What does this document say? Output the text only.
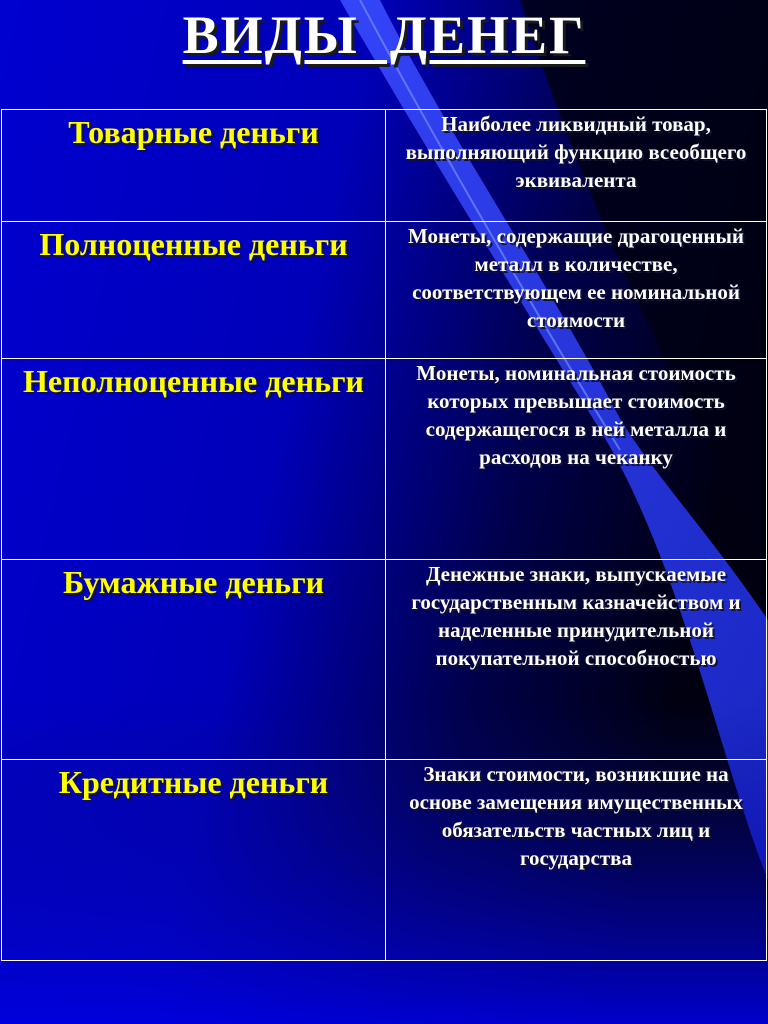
ВИДЫ  ДЕНЕГ
Товарные деньги	Наиболее ликвидный товар, выполняющий функцию всеобщего эквивалента

Полноценные деньги	Монеты, содержащие драгоценный металл в количестве, соответствующем ее номинальной стоимости

Неполноценные деньги	Монеты, номинальная стоимость которых превышает стоимость содержащегося в ней металла и расходов на чеканку

Бумажные деньги	Денежные знаки, выпускаемые государственным казначейством и наделенные принудительной покупательной способностью

Кредитные деньги	Знаки стоимости, возникшие на основе замещения имущественных обязательств частных лиц и государства
